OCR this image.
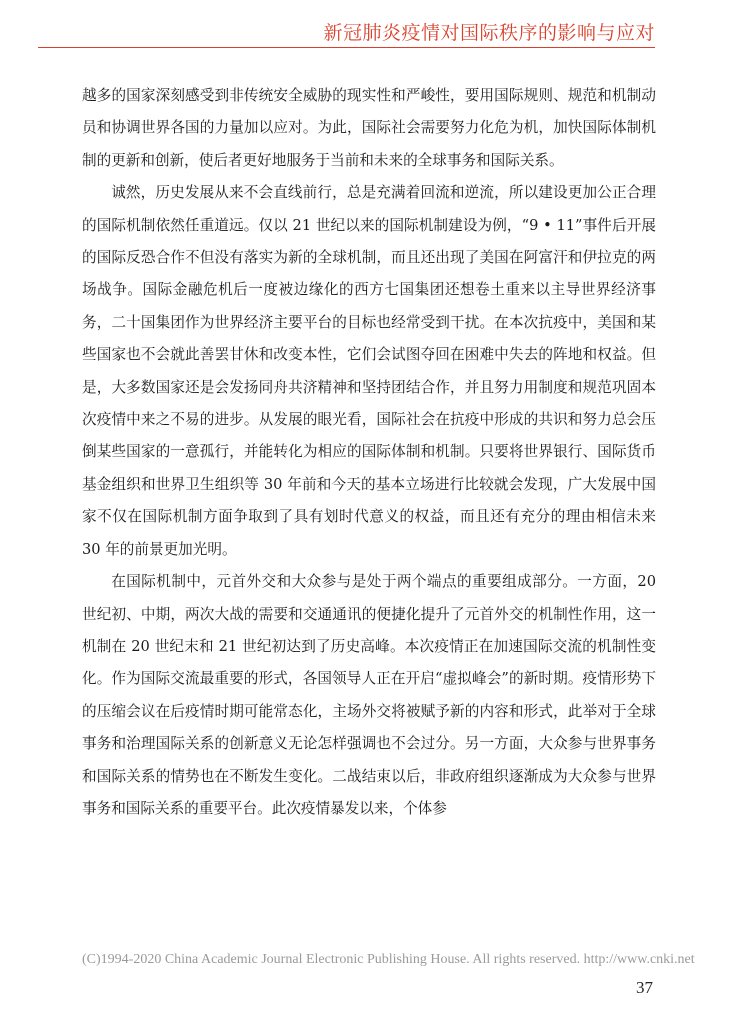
新冠肺炎疫情对国际秩序的影响与应对

越多的国家深刻感受到非传统安全威胁的现实性和严峻性，要用国际规则、规范和机制动员和协调世界各国的力量加以应对。为此，国际社会需要努力化危为机，加快国际体制机制的更新和创新，使后者更好地服务于当前和未来的全球事务和国际关系。

诚然，历史发展从来不会直线前行，总是充满着回流和逆流，所以建设更加公正合理的国际机制依然任重道远。仅以 21 世纪以来的国际机制建设为例，“9 • 11”事件后开展的国际反恐合作不但没有落实为新的全球机制，而且还出现了美国在阿富汗和伊拉克的两场战争。国际金融危机后一度被边缘化的西方七国集团还想卷土重来以主导世界经济事务，二十国集团作为世界经济主要平台的目标也经常受到干扰。在本次抗疫中，美国和某些国家也不会就此善罢甘休和改变本性，它们会试图夺回在困难中失去的阵地和权益。但是，大多数国家还是会发扬同舟共济精神和坚持团结合作，并且努力用制度和规范巩固本次疫情中来之不易的进步。从发展的眼光看，国际社会在抗疫中形成的共识和努力总会压倒某些国家的一意孤行，并能转化为相应的国际体制和机制。只要将世界银行、国际货币基金组织和世界卫生组织等 30 年前和今天的基本立场进行比较就会发现，广大发展中国家不仅在国际机制方面争取到了具有划时代意义的权益，而且还有充分的理由相信未来 30 年的前景更加光明。

在国际机制中，元首外交和大众参与是处于两个端点的重要组成部分。一方面，20 世纪初、中期，两次大战的需要和交通通讯的便捷化提升了元首外交的机制性作用，这一机制在 20 世纪末和 21 世纪初达到了历史高峰。本次疫情正在加速国际交流的机制性变化。作为国际交流最重要的形式，各国领导人正在开启“虚拟峰会”的新时期。疫情形势下的压缩会议在后疫情时期可能常态化，主场外交将被赋予新的内容和形式，此举对于全球事务和治理国际关系的创新意义无论怎样强调也不会过分。另一方面，大众参与世界事务和国际关系的情势也在不断发生变化。二战结束以后，非政府组织逐渐成为大众参与世界事务和国际关系的重要平台。此次疫情暴发以来，个体参

(C)1994-2020 China Academic Journal Electronic Publishing House. All rights reserved. http://www.cnki.net
37
